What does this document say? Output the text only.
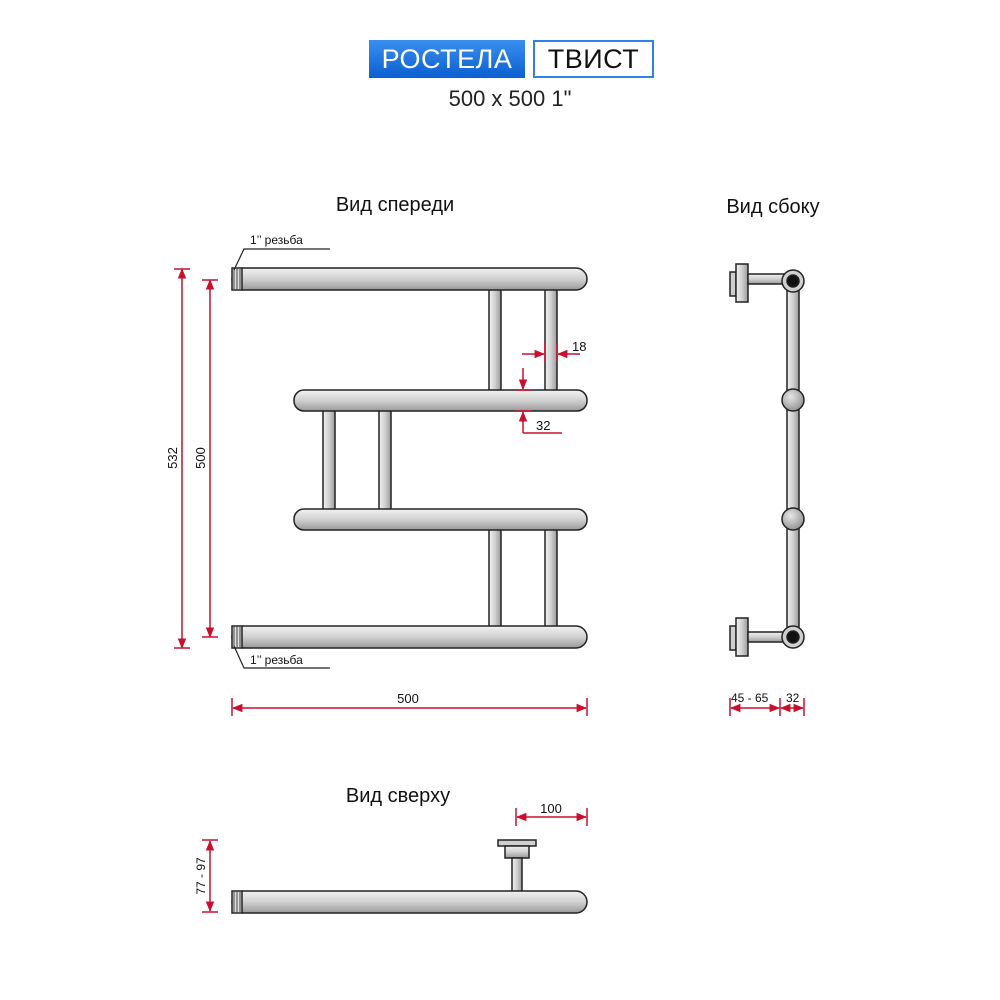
РОСТЕЛА	ТВИСТ
500 x 500 1"
Вид спереди
1’’ резьба
1’’ резьба
532 500
18
32
500
Вид сбоку
45 - 65 32
Вид сверху
100
77 - 97
